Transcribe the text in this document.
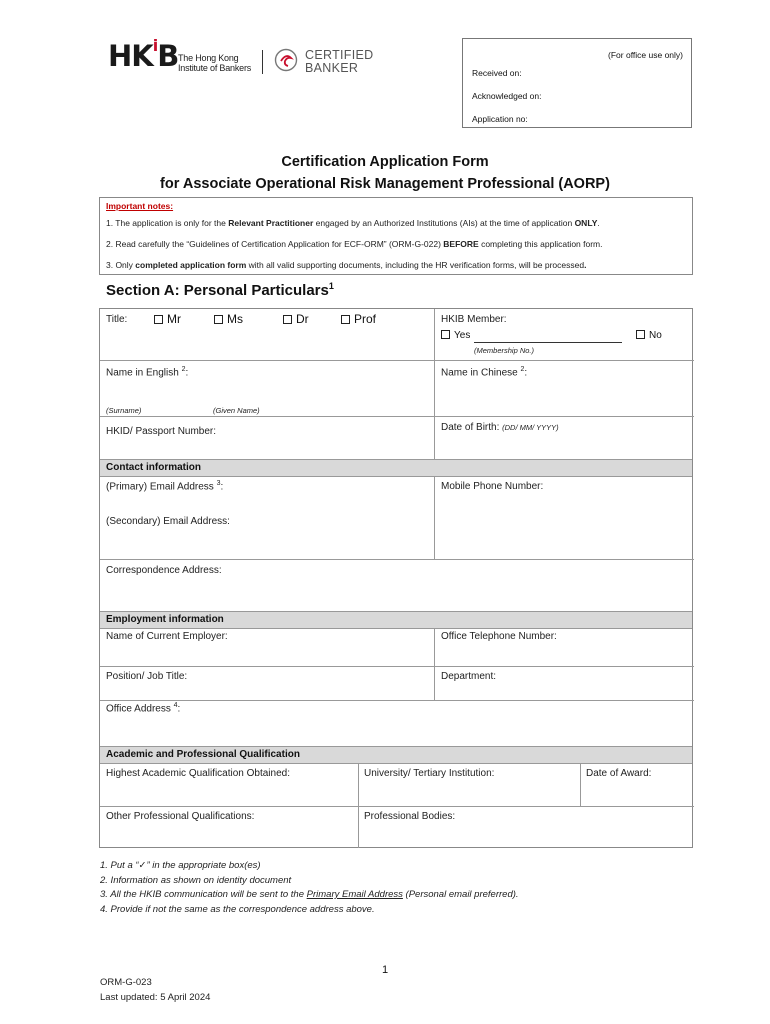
$HK^iB$ The Hong Kong
Institute of Bankers
CERTIFIED
BANKER
(For office use only)
Received on:
Acknowledged on:
Application no:
Certification Application Form
for Associate Operational Risk Management Professional (AORP)
Important notes:
1. The application is only for the Relevant Practitioner engaged by an Authorized Institutions (AIs) at the time of application ONLY.
2. Read carefully the “Guidelines of Certification Application for ECF-ORM” (ORM-G-022) BEFORE completing this application form.
3. Only completed application form with all valid supporting documents, including the HR verification forms, will be processed.
Section A: Personal Particulars$^1$
Title:	Mr	Ms	Dr	Prof	HKIB Member:
Yes	No
(Membership No.)
Name in English $^2$:	Name in Chinese $^2$:
(Surname)	(Given Name)
HKID/ Passport Number:	Date of Birth: (DD/ MM/ YYYY)
Contact information
(Primary) Email Address $^3$:	Mobile Phone Number:
(Secondary) Email Address:
Correspondence Address:
Employment information
Name of Current Employer:	Office Telephone Number:
Position/ Job Title:	Department:
Office Address $^4$:
Academic and Professional Qualification
Highest Academic Qualification Obtained:	University/ Tertiary Institution:	Date of Award:
Other Professional Qualifications:	Professional Bodies:
1. Put a “✓” in the appropriate box(es)
2. Information as shown on identity document
3. All the HKIB communication will be sent to the Primary Email Address (Personal email preferred).
4. Provide if not the same as the correspondence address above.
1
ORM-G-023
Last updated: 5 April 2024
